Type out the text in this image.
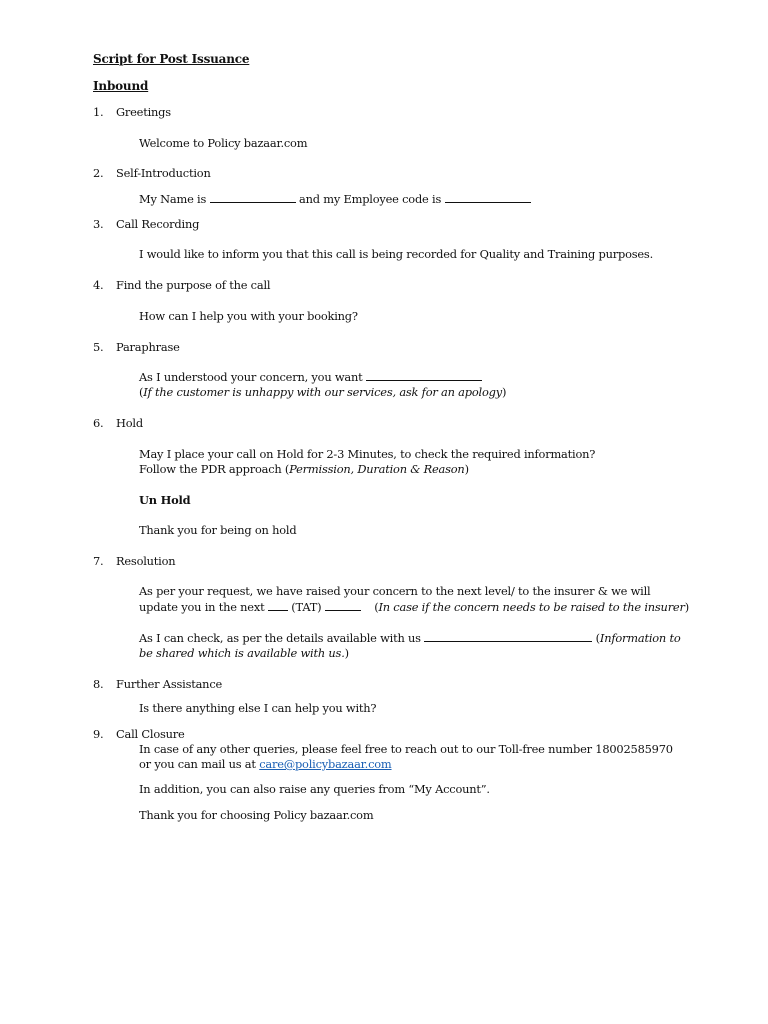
Script for Post Issuance
Inbound
1. Greetings
Welcome to Policy bazaar.com
2. Self-Introduction
My Name is	and my Employee code is
3. Call Recording
I would like to inform you that this call is being recorded for Quality and Training purposes.
4. Find the purpose of the call
How can I help you with your booking?
5. Paraphrase
As I understood your concern, you want
(If the customer is unhappy with our services, ask for an apology)
6. Hold
May I place your call on Hold for 2-3 Minutes, to check the required information?
Follow the PDR approach (Permission, Duration & Reason)
Un Hold
Thank you for being on hold
7. Resolution
As per your request, we have raised your concern to the next level/ to the insurer & we will
update you in the next (TAT)	(In case if the concern needs to be raised to the insurer)
As I can check, as per the details available with us	(Information to
be shared which is available with us.)
8. Further Assistance
Is there anything else I can help you with?
9. Call Closure
In case of any other queries, please feel free to reach out to our Toll-free number 18002585970
or you can mail us at care@policybazaar.com
In addition, you can also raise any queries from “My Account”.
Thank you for choosing Policy bazaar.com
